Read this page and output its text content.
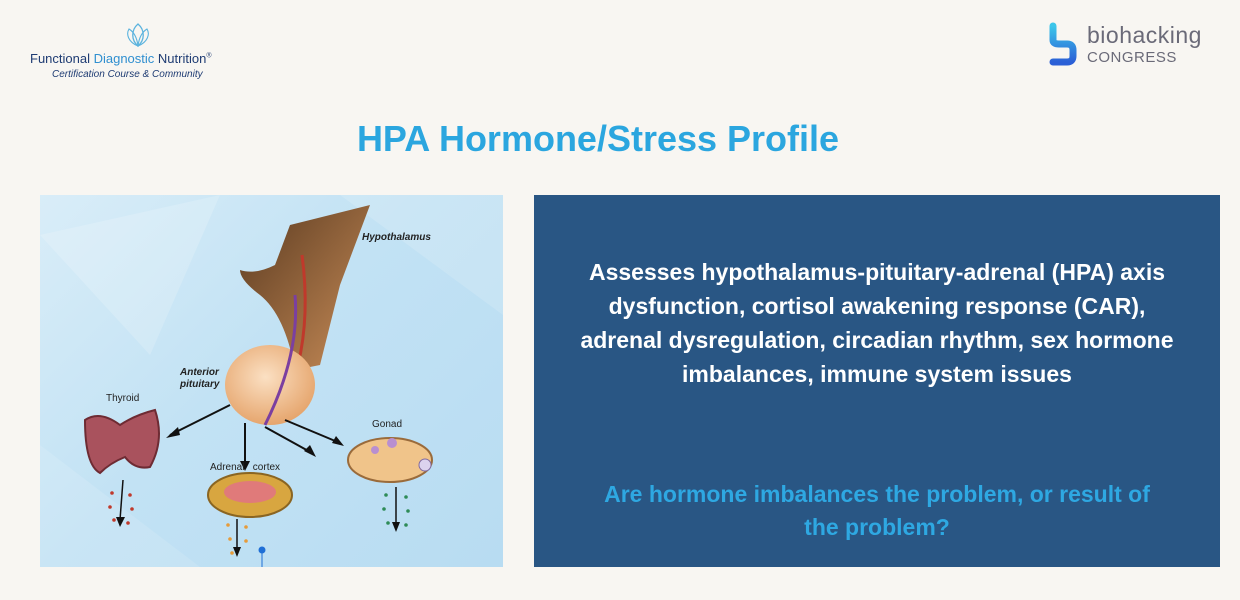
Functional Diagnostic Nutrition®
Certification Course & Community
biohacking
CONGRESS
HPA Hormone/Stress Profile
Hypothalamus
Anterior
pituitary
Thyroid
Adrenal   cortex
Gonad
Assesses hypothalamus-pituitary-adrenal (HPA) axis dysfunction, cortisol awakening response (CAR), adrenal dysregulation, circadian rhythm, sex hormone imbalances, immune system issues
Are hormone imbalances the problem, or result of the problem?
